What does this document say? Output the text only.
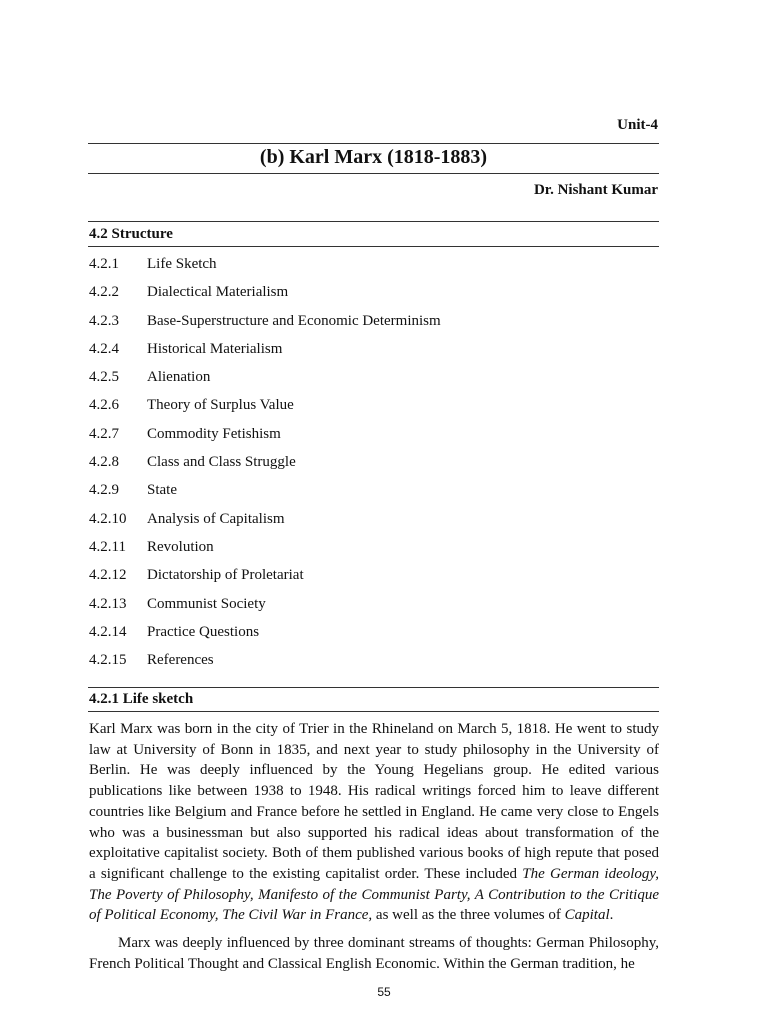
Unit-4
(b) Karl Marx (1818-1883)
Dr. Nishant Kumar
4.2 Structure
4.2.1 Life Sketch
4.2.2 Dialectical Materialism
4.2.3 Base-Superstructure and Economic Determinism
4.2.4 Historical Materialism
4.2.5 Alienation
4.2.6 Theory of Surplus Value
4.2.7 Commodity Fetishism
4.2.8 Class and Class Struggle
4.2.9 State
4.2.10 Analysis of Capitalism
4.2.11 Revolution
4.2.12 Dictatorship of Proletariat
4.2.13 Communist Society
4.2.14 Practice Questions
4.2.15 References
4.2.1 Life sketch

Karl Marx was born in the city of Trier in the Rhineland on March 5, 1818. He went to study law at University of Bonn in 1835, and next year to study philosophy in the University of Berlin. He was deeply influenced by the Young Hegelians group. He edited various publications like between 1938 to 1948. His radical writings forced him to leave different countries like Belgium and France before he settled in England. He came very close to Engels who was a businessman but also supported his radical ideas about transformation of the exploitative capitalist society. Both of them published various books of high repute that posed a significant challenge to the existing capitalist order. These included The German ideology, The Poverty of Philosophy, Manifesto of the Communist Party, A Contribution to the Critique of Political Economy, The Civil War in France, as well as the three volumes of Capital.

Marx was deeply influenced by three dominant streams of thoughts: German Philosophy, French Political Thought and Classical English Economic. Within the German tradition, he

55
